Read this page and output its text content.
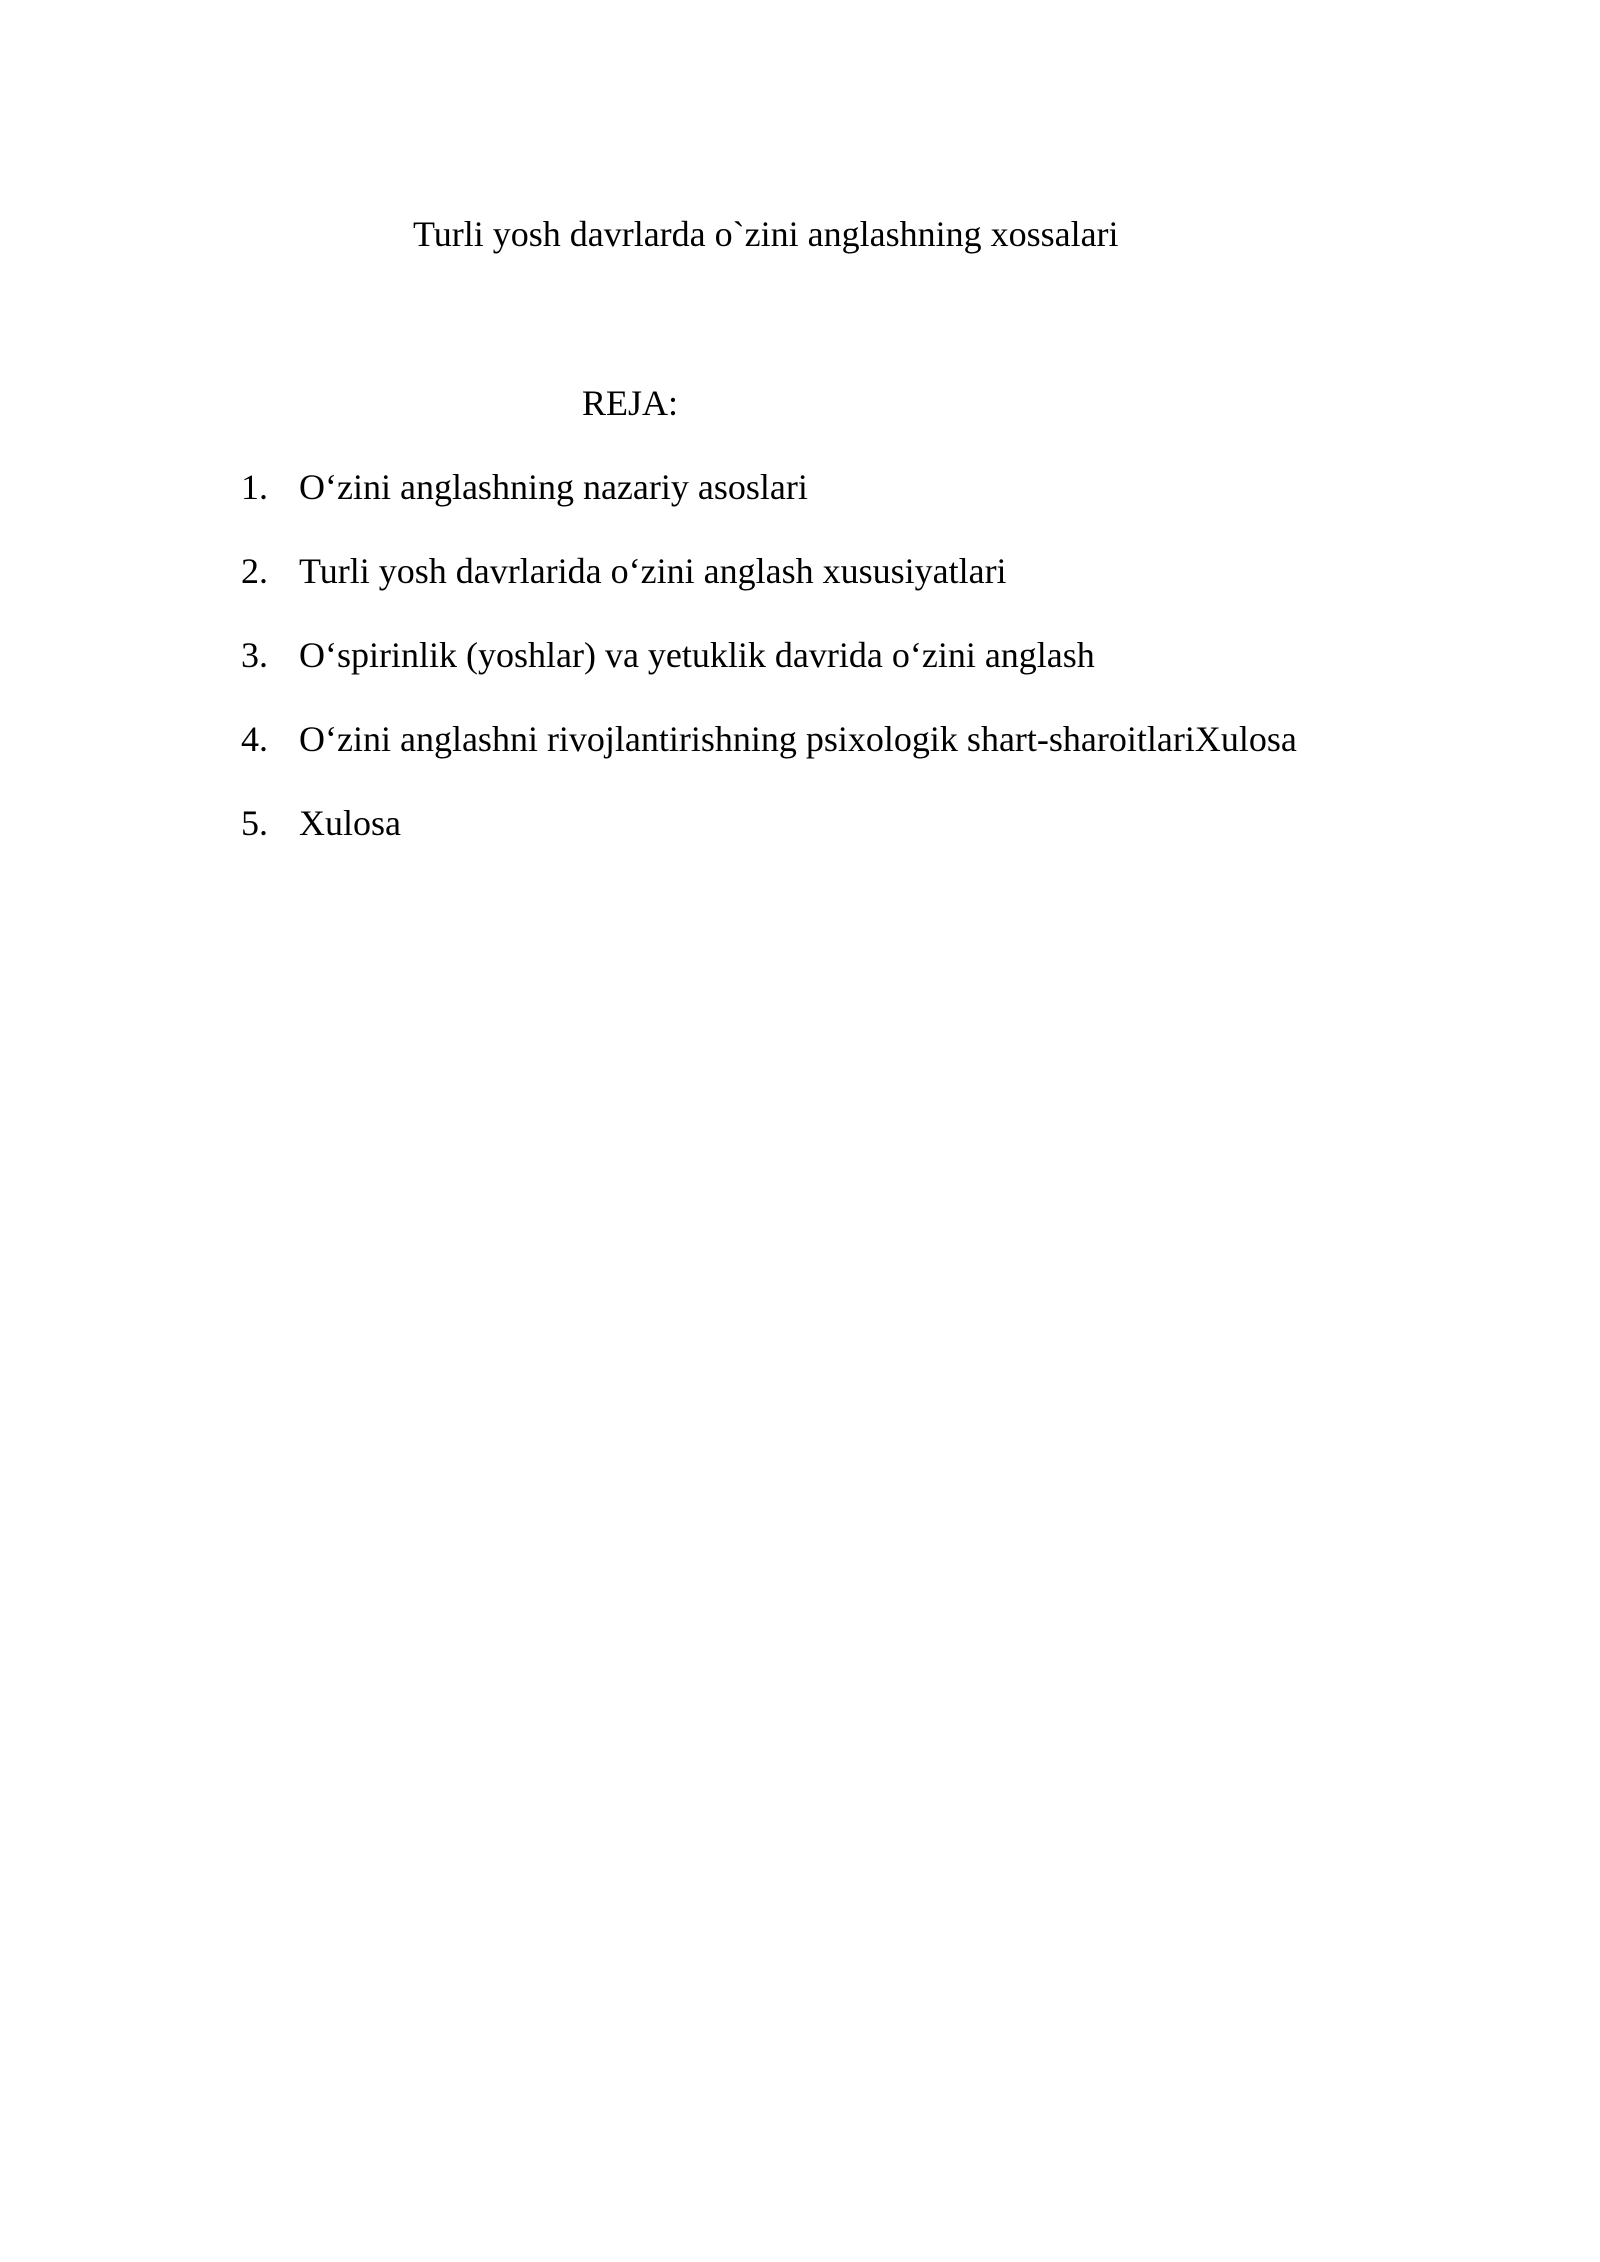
Turli yosh davrlarda o`zini anglashning xossalari
REJA:
1. O‘zini anglashning nazariy asoslari
2. Turli yosh davrlarida o‘zini anglash xususiyatlari
3. O‘spirinlik (yoshlar) va yetuklik davrida o‘zini anglash
4. O‘zini anglashni rivojlantirishning psixologik shart-sharoitlariXulosa
5. Xulosa
